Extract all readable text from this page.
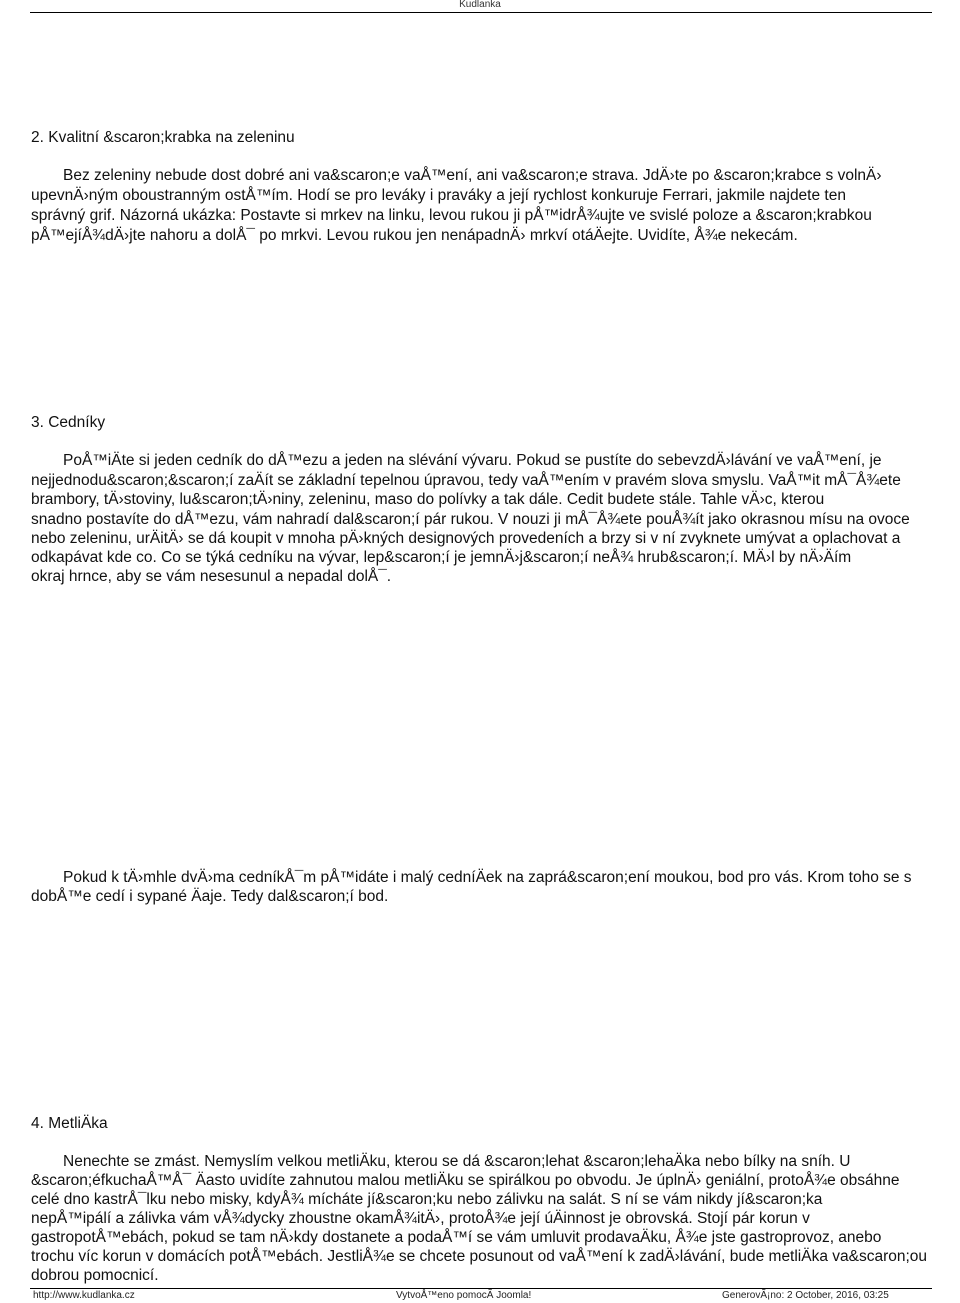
Kudlanka
2. Kvalitní &scaron;krabka na zeleninu
Bez zeleniny nebude dost dobré ani va&scaron;e vaÅ™ení, ani va&scaron;e strava. JdÄ›te po &scaron;krabce s volnÄ›
upevnÄ›ným oboustranným ostÅ™ím. Hodí se pro leváky i praváky a její rychlost konkuruje Ferrari, jakmile najdete ten
správný grif. Názorná ukázka: Postavte si mrkev na linku, levou rukou ji pÅ™idrÅ¾ujte ve svislé poloze a &scaron;krabkou
pÅ™ejíÅ¾dÄ›jte nahoru a dolÅ¯ po mrkvi. Levou rukou jen nenápadnÄ› mrkví otáÄejte. Uvidíte, Å¾e nekecám.
3. Cedníky
PoÅ™iÄte si jeden cedník do dÅ™ezu a jeden na slévání vývaru. Pokud se pustíte do sebevzdÄ›lávání ve vaÅ™ení, je
nejjednodu&scaron;&scaron;í zaÄít se základní tepelnou úpravou, tedy vaÅ™ením v pravém slova smyslu. VaÅ™it mÅ¯Å¾ete
brambory, tÄ›stoviny, lu&scaron;tÄ›niny, zeleninu, maso do polívky a tak dále. Cedit budete stále. Tahle vÄ›c, kterou
snadno postavíte do dÅ™ezu, vám nahradí dal&scaron;í pár rukou. V nouzi ji mÅ¯Å¾ete pouÅ¾ít jako okrasnou mísu na ovoce
nebo zeleninu, urÄitÄ› se dá koupit v mnoha pÄ›kných designových provedeních a brzy si v ní zvyknete umývat a oplachovat a
odkapávat kde co. Co se týká cedníku na vývar, lep&scaron;í je jemnÄ›j&scaron;í neÅ¾ hrub&scaron;í. MÄ›l by nÄ›Äím
okraj hrnce, aby se vám nesesunul a nepadal dolÅ¯.
Pokud k tÄ›mhle dvÄ›ma cedníkÅ¯m pÅ™idáte i malý cedníÄek na zaprá&scaron;ení moukou, bod pro vás. Krom toho se s
dobÅ™e cedí i sypané Äaje. Tedy dal&scaron;í bod.
4. MetliÄka
Nenechte se zmást. Nemyslím velkou metliÄku, kterou se dá &scaron;lehat &scaron;lehaÄka nebo bílky na sníh. U
&scaron;éfkuchaÅ™Å¯ Äasto uvidíte zahnutou malou metliÄku se spirálkou po obvodu. Je úplnÄ› geniální, protoÅ¾e obsáhne
celé dno kastrÅ¯lku nebo misky, kdyÅ¾ mícháte jí&scaron;ku nebo zálivku na salát. S ní se vám nikdy jí&scaron;ka
nepÅ™ipálí a zálivka vám vÅ¾dycky zhoustne okamÅ¾itÄ›, protoÅ¾e její úÄinnost je obrovská. Stojí pár korun v
gastropotÅ™ebách, pokud se tam nÄ›kdy dostanete a podaÅ™í se vám umluvit prodavaÄku, Å¾e jste gastroprovoz, anebo
trochu víc korun v domácích potÅ™ebách. JestliÅ¾e se chcete posunout od vaÅ™ení k zadÄ›lávání, bude metliÄka va&scaron;ou
dobrou pomocnicí.
http://www.kudlanka.cz	VytvoÅ™eno pomocÃ Joomla!	GenerovÃ¡no: 2 October, 2016, 03:25
